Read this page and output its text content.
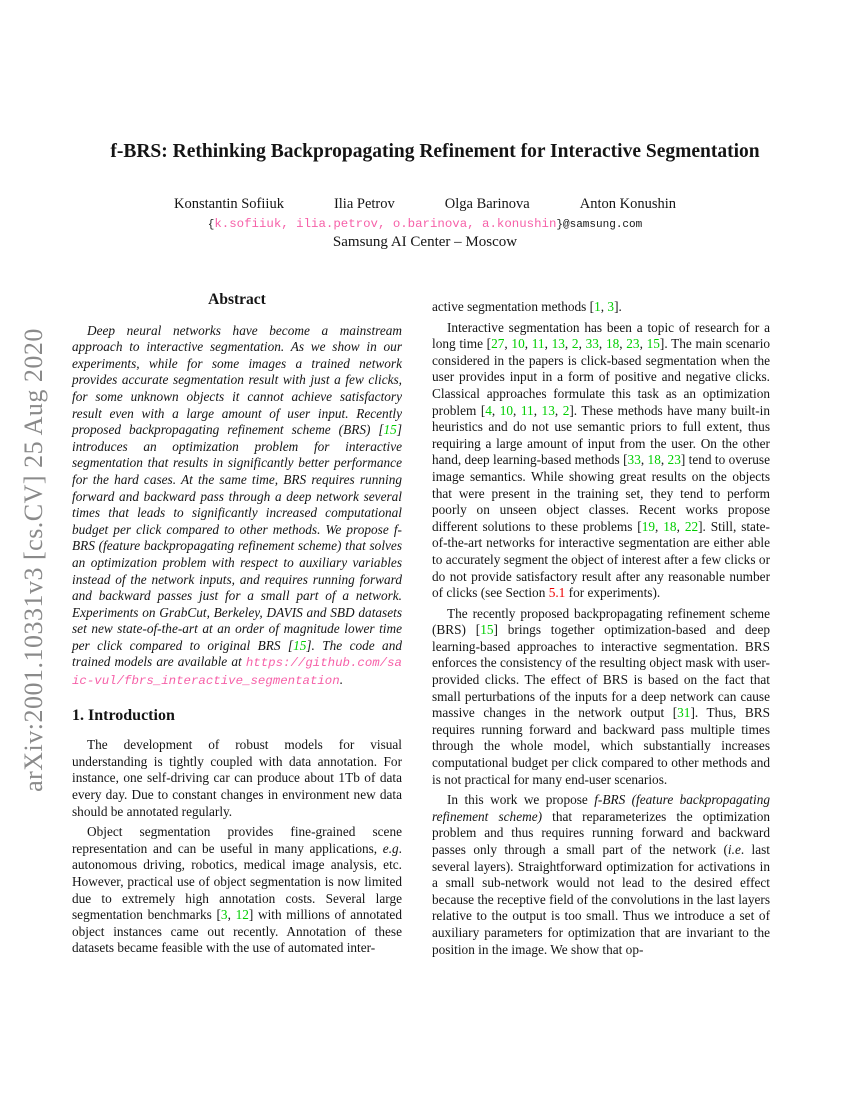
arXiv:2001.10331v3 [cs.CV] 25 Aug 2020
f-BRS: Rethinking Backpropagating Refinement for Interactive Segmentation
Konstantin Sofiiuk	Ilia Petrov	Olga Barinova	Anton Konushin
{k.sofiiuk, ilia.petrov, o.barinova, a.konushin}@samsung.com
Samsung AI Center – Moscow
Abstract

Deep neural networks have become a mainstream approach to interactive segmentation. As we show in our experiments, while for some images a trained network provides accurate segmentation result with just a few clicks, for some unknown objects it cannot achieve satisfactory result even with a large amount of user input. Recently proposed backpropagating refinement scheme (BRS) [15] introduces an optimization problem for interactive segmentation that results in significantly better performance for the hard cases. At the same time, BRS requires running forward and backward pass through a deep network several times that leads to significantly increased computational budget per click compared to other methods. We propose f-BRS (feature backpropagating refinement scheme) that solves an optimization problem with respect to auxiliary variables instead of the network inputs, and requires running forward and backward passes just for a small part of a network. Experiments on GrabCut, Berkeley, DAVIS and SBD datasets set new state-of-the-art at an order of magnitude lower time per click compared to original BRS [15]. The code and trained models are available at https://github.com/saic-vul/fbrs_interactive_segmentation.

1. Introduction

The development of robust models for visual understanding is tightly coupled with data annotation. For instance, one self-driving car can produce about 1Tb of data every day. Due to constant changes in environment new data should be annotated regularly.

Object segmentation provides fine-grained scene representation and can be useful in many applications, e.g. autonomous driving, robotics, medical image analysis, etc. However, practical use of object segmentation is now limited due to extremely high annotation costs. Several large segmentation benchmarks [3, 12] with millions of annotated object instances came out recently. Annotation of these datasets became feasible with the use of automated inter-

active segmentation methods [1, 3].

Interactive segmentation has been a topic of research for a long time [27, 10, 11, 13, 2, 33, 18, 23, 15]. The main scenario considered in the papers is click-based segmentation when the user provides input in a form of positive and negative clicks. Classical approaches formulate this task as an optimization problem [4, 10, 11, 13, 2]. These methods have many built-in heuristics and do not use semantic priors to full extent, thus requiring a large amount of input from the user. On the other hand, deep learning-based methods [33, 18, 23] tend to overuse image semantics. While showing great results on the objects that were present in the training set, they tend to perform poorly on unseen object classes. Recent works propose different solutions to these problems [19, 18, 22]. Still, state-of-the-art networks for interactive segmentation are either able to accurately segment the object of interest after a few clicks or do not provide satisfactory result after any reasonable number of clicks (see Section 5.1 for experiments).

The recently proposed backpropagating refinement scheme (BRS) [15] brings together optimization-based and deep learning-based approaches to interactive segmentation. BRS enforces the consistency of the resulting object mask with user-provided clicks. The effect of BRS is based on the fact that small perturbations of the inputs for a deep network can cause massive changes in the network output [31]. Thus, BRS requires running forward and backward pass multiple times through the whole model, which substantially increases computational budget per click compared to other methods and is not practical for many end-user scenarios.

In this work we propose f-BRS (feature backpropagating refinement scheme) that reparameterizes the optimization problem and thus requires running forward and backward passes only through a small part of the network (i.e. last several layers). Straightforward optimization for activations in a small sub-network would not lead to the desired effect because the receptive field of the convolutions in the last layers relative to the output is too small. Thus we introduce a set of auxiliary parameters for optimization that are invariant to the position in the image. We show that op-
